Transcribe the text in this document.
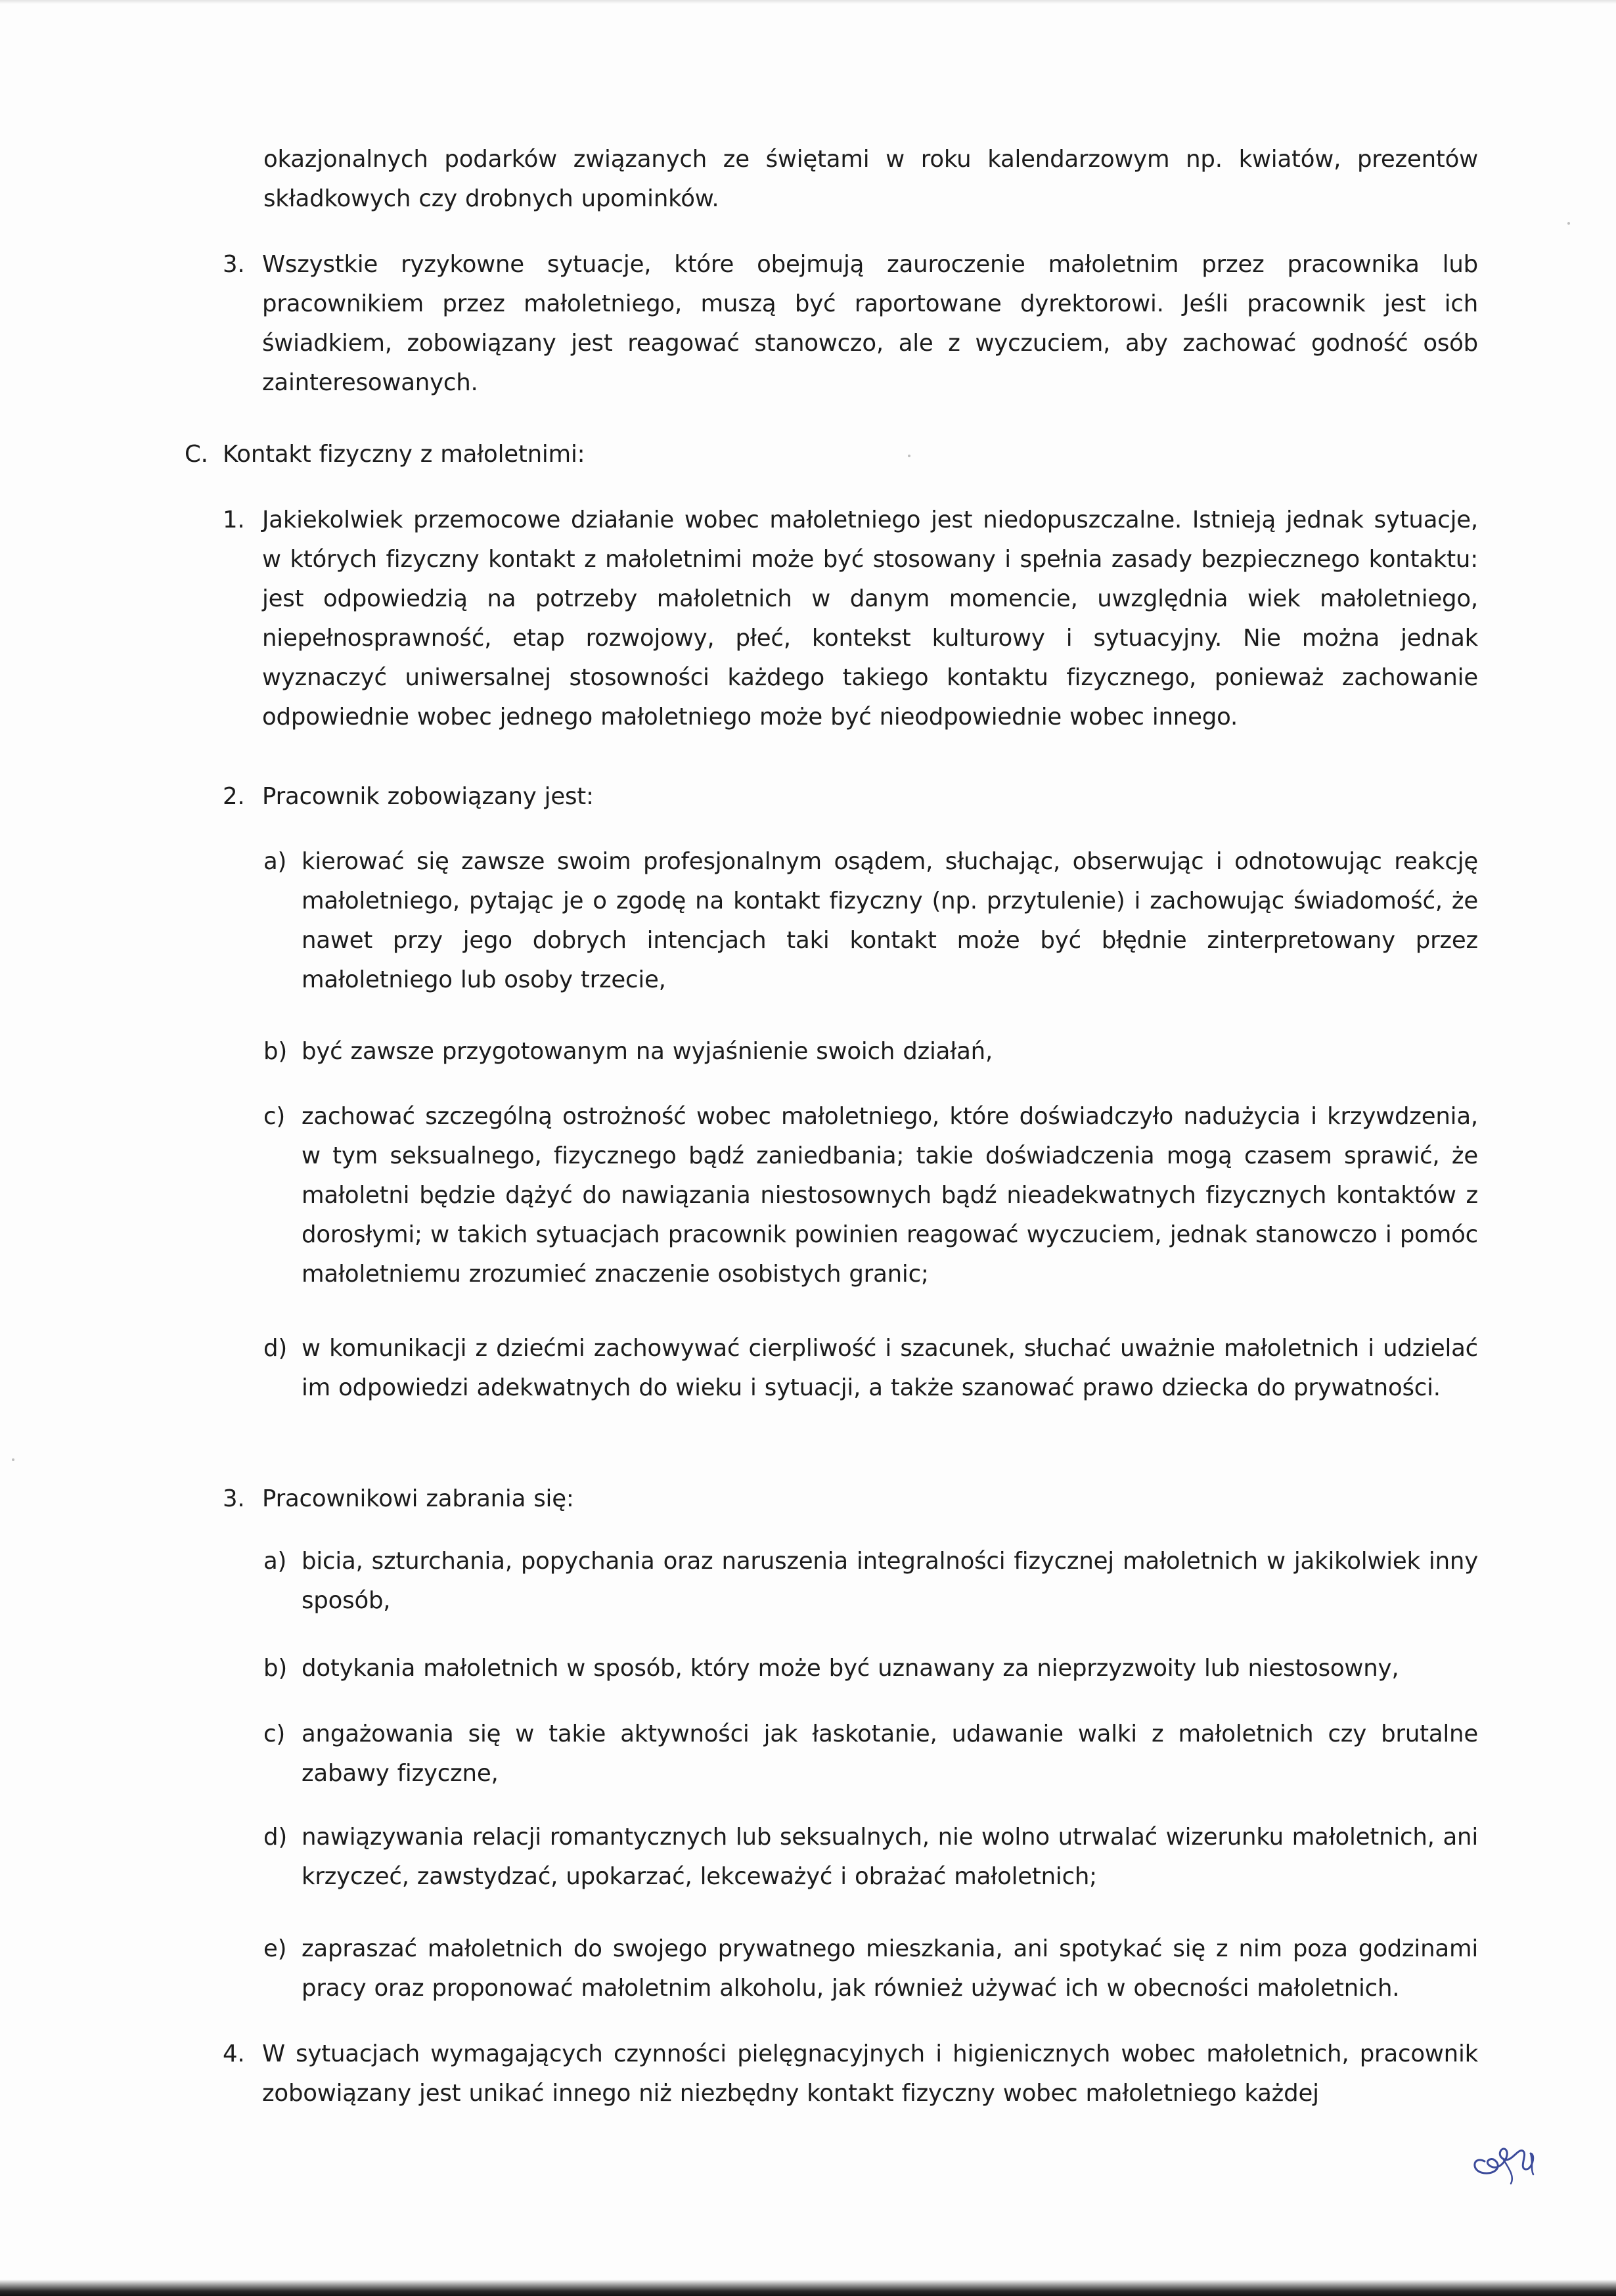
okazjonalnych podarków związanych ze świętami w roku kalendarzowym np. kwiatów, prezentów składkowych czy drobnych upominków.
3. Wszystkie ryzykowne sytuacje, które obejmują zauroczenie małoletnim przez pracownika lub pracownikiem przez małoletniego, muszą być raportowane dyrektorowi. Jeśli pracownik jest ich świadkiem, zobowiązany jest reagować stanowczo, ale z wyczuciem, aby zachować godność osób zainteresowanych.
C. Kontakt fizyczny z małoletnimi:
1. Jakiekolwiek przemocowe działanie wobec małoletniego jest niedopuszczalne. Istnieją jednak sytuacje, w których fizyczny kontakt z małoletnimi może być stosowany i spełnia zasady bezpiecznego kontaktu: jest odpowiedzią na potrzeby małoletnich w danym momencie, uwzględnia wiek małoletniego, niepełnosprawność, etap rozwojowy, płeć, kontekst kulturowy i sytuacyjny. Nie można jednak wyznaczyć uniwersalnej stosowności każdego takiego kontaktu fizycznego, ponieważ zachowanie odpowiednie wobec jednego małoletniego może być nieodpowiednie wobec innego.
2. Pracownik zobowiązany jest:
a) kierować się zawsze swoim profesjonalnym osądem, słuchając, obserwując i odnotowując reakcję małoletniego, pytając je o zgodę na kontakt fizyczny (np. przytulenie) i zachowując świadomość, że nawet przy jego dobrych intencjach taki kontakt może być błędnie zinterpretowany przez małoletniego lub osoby trzecie,
b) być zawsze przygotowanym na wyjaśnienie swoich działań,
c) zachować szczególną ostrożność wobec małoletniego, które doświadczyło nadużycia i krzywdzenia, w tym seksualnego, fizycznego bądź zaniedbania; takie doświadczenia mogą czasem sprawić, że małoletni będzie dążyć do nawiązania niestosownych bądź nieadekwatnych fizycznych kontaktów z dorosłymi; w takich sytuacjach pracownik powinien reagować wyczuciem, jednak stanowczo i pomóc małoletniemu zrozumieć znaczenie osobistych granic;
d) w komunikacji z dziećmi zachowywać cierpliwość i szacunek, słuchać uważnie małoletnich i udzielać im odpowiedzi adekwatnych do wieku i sytuacji, a także szanować prawo dziecka do prywatności.
3. Pracownikowi zabrania się:
a) bicia, szturchania, popychania oraz naruszenia integralności fizycznej małoletnich w jakikolwiek inny sposób,
b) dotykania małoletnich w sposób, który może być uznawany za nieprzyzwoity lub niestosowny,
c) angażowania się w takie aktywności jak łaskotanie, udawanie walki z małoletnich czy brutalne zabawy fizyczne,
d) nawiązywania relacji romantycznych lub seksualnych, nie wolno utrwalać wizerunku małoletnich, ani krzyczeć, zawstydzać, upokarzać, lekceważyć i obrażać małoletnich;
e) zapraszać małoletnich do swojego prywatnego mieszkania, ani spotykać się z nim poza godzinami pracy oraz proponować małoletnim alkoholu, jak również używać ich w obecności małoletnich.
4. W sytuacjach wymagających czynności pielęgnacyjnych i higienicznych wobec małoletnich, pracownik zobowiązany jest unikać innego niż niezbędny kontakt fizyczny wobec małoletniego każdej
